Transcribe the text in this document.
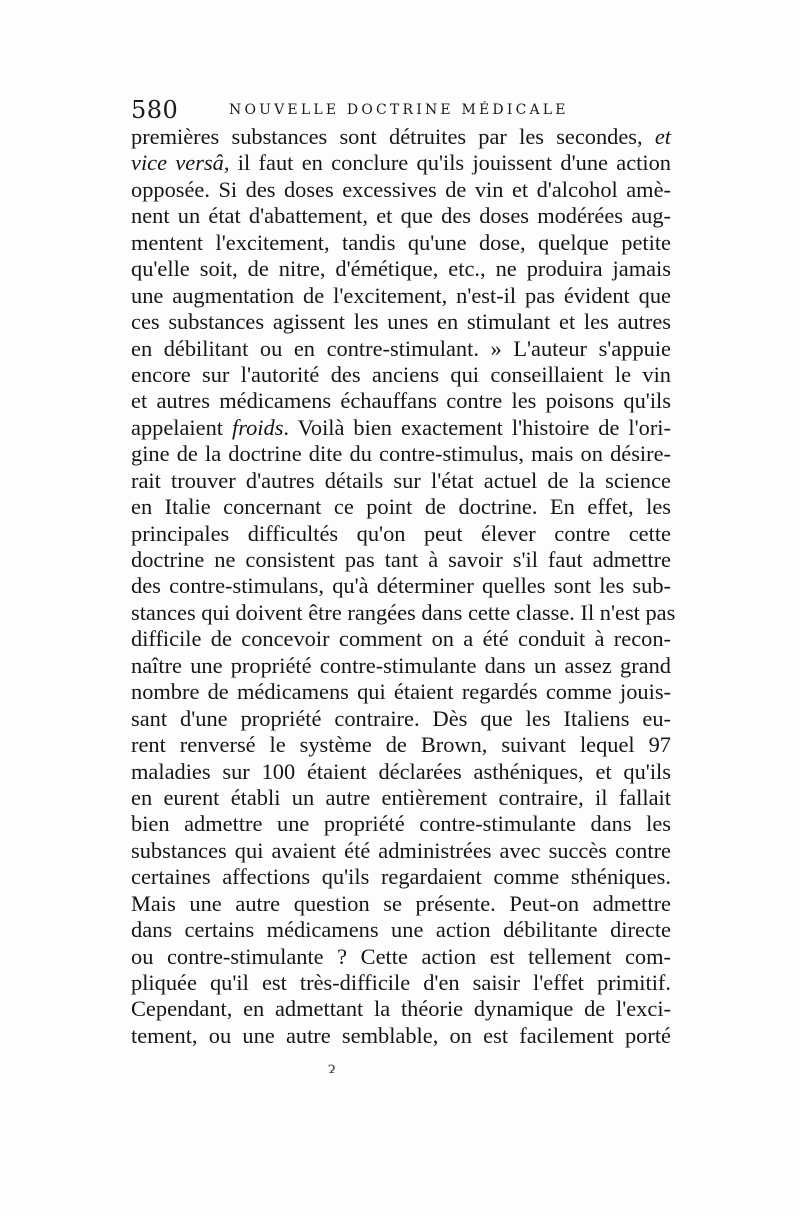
580	NOUVELLE DOCTRINE MÉDICALE
premières substances sont détruites par les secondes, et
vice versâ, il faut en conclure qu'ils jouissent d'une action
opposée. Si des doses excessives de vin et d'alcohol amè-
nent un état d'abattement, et que des doses modérées aug-
mentent l'excitement, tandis qu'une dose, quelque petite
qu'elle soit, de nitre, d'émétique, etc., ne produira jamais
une augmentation de l'excitement, n'est-il pas évident que
ces substances agissent les unes en stimulant et les autres
en débilitant ou en contre-stimulant. » L'auteur s'appuie
encore sur l'autorité des anciens qui conseillaient le vin
et autres médicamens échauffans contre les poisons qu'ils
appelaient froids. Voilà bien exactement l'histoire de l'ori-
gine de la doctrine dite du contre-stimulus, mais on désire-
rait trouver d'autres détails sur l'état actuel de la science
en Italie concernant ce point de doctrine. En effet, les
principales difficultés qu'on peut élever contre cette
doctrine ne consistent pas tant à savoir s'il faut admettre
des contre-stimulans, qu'à déterminer quelles sont les sub-
stances qui doivent être rangées dans cette classe. Il n'est pas
difficile de concevoir comment on a été conduit à recon-
naître une propriété contre-stimulante dans un assez grand
nombre de médicamens qui étaient regardés comme jouis-
sant d'une propriété contraire. Dès que les Italiens eu-
rent renversé le système de Brown, suivant lequel 97
maladies sur 100 étaient déclarées asthéniques, et qu'ils
en eurent établi un autre entièrement contraire, il fallait
bien admettre une propriété contre-stimulante dans les
substances qui avaient été administrées avec succès contre
certaines affections qu'ils regardaient comme sthéniques.
Mais une autre question se présente. Peut-on admettre
dans certains médicamens une action débilitante directe
ou contre-stimulante ? Cette action est tellement com-
pliquée qu'il est très-difficile d'en saisir l'effet primitif.
Cependant, en admettant la théorie dynamique de l'exci-
tement, ou une autre semblable, on est facilement porté
ɂ
